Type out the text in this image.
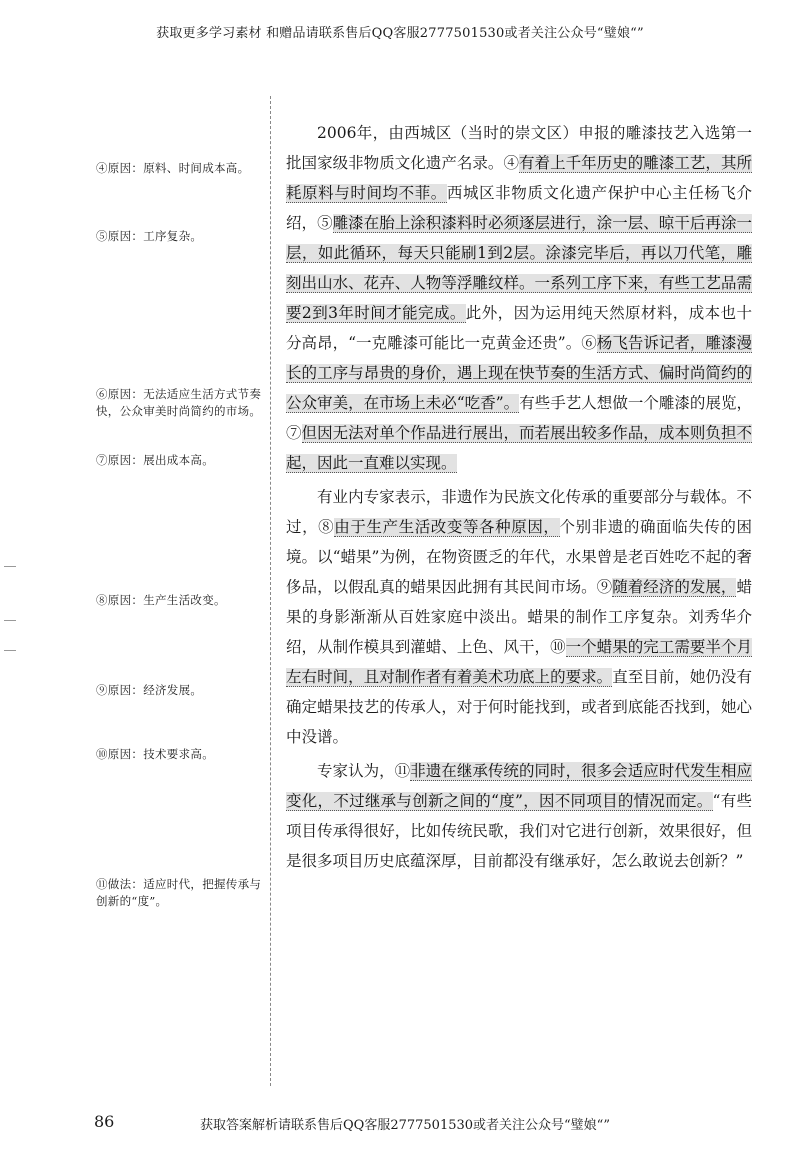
获取更多学习素材 和赠品请联系售后QQ客服2777501530或者关注公众号“璧娘“”
④原因：原料、时间成本高。
⑤原因：工序复杂。
⑥原因：无法适应生活方式节奏快，公众审美时尚简约的市场。
⑦原因：展出成本高。
⑧原因：生产生活改变。
⑨原因：经济发展。
⑩原因：技术要求高。
⑪做法：适应时代，把握传承与创新的“度”。

2006年，由西城区（当时的崇文区）申报的雕漆技艺入选第一批国家级非物质文化遗产名录。④有着上千年历史的雕漆工艺，其所耗原料与时间均不菲。西城区非物质文化遗产保护中心主任杨飞介绍，⑤雕漆在胎上涂积漆料时必须逐层进行，涂一层、晾干后再涂一层，如此循环，每天只能刷1到2层。涂漆完毕后，再以刀代笔，雕刻出山水、花卉、人物等浮雕纹样。一系列工序下来，有些工艺品需要2到3年时间才能完成。此外，因为运用纯天然原材料，成本也十分高昂，“一克雕漆可能比一克黄金还贵”。⑥杨飞告诉记者，雕漆漫长的工序与昂贵的身价，遇上现在快节奏的生活方式、偏时尚简约的公众审美，在市场上未必“吃香”。有些手艺人想做一个雕漆的展览，⑦但因无法对单个作品进行展出，而若展出较多作品，成本则负担不起，因此一直难以实现。

有业内专家表示，非遗作为民族文化传承的重要部分与载体。不过，⑧由于生产生活改变等各种原因，个别非遗的确面临失传的困境。以“蜡果”为例，在物资匮乏的年代，水果曾是老百姓吃不起的奢侈品，以假乱真的蜡果因此拥有其民间市场。⑨随着经济的发展，蜡果的身影渐渐从百姓家庭中淡出。蜡果的制作工序复杂。刘秀华介绍，从制作模具到灌蜡、上色、风干，⑩一个蜡果的完工需要半个月左右时间，且对制作者有着美术功底上的要求。直至目前，她仍没有确定蜡果技艺的传承人，对于何时能找到，或者到底能否找到，她心中没谱。

专家认为，⑪非遗在继承传统的同时，很多会适应时代发生相应变化，不过继承与创新之间的“度”，因不同项目的情况而定。“有些项目传承得很好，比如传统民歌，我们对它进行创新，效果很好，但是很多项目历史底蕴深厚，目前都没有继承好，怎么敢说去创新？”

86	获取答案解析请联系售后QQ客服2777501530或者关注公众号“璧娘“”
